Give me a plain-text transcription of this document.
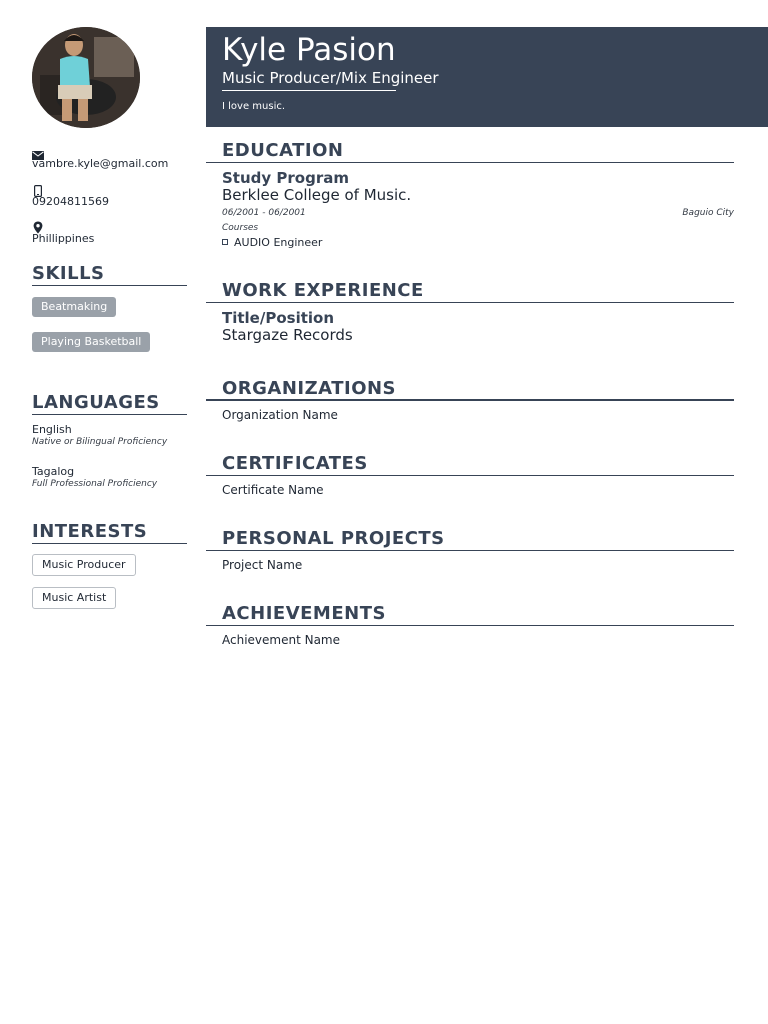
Kyle Pasion
Music Producer/Mix Engineer
I love music.
vambre.kyle@gmail.com
09204811569
Phillippines
SKILLS
Beatmaking
Playing Basketball
LANGUAGES
English
Native or Bilingual Proficiency
Tagalog
Full Professional Proficiency
INTERESTS
Music Producer
Music Artist
EDUCATION
Study Program
Berklee College of Music.
06/2001 - 06/2001	Baguio City
Courses
AUDIO Engineer
WORK EXPERIENCE
Title/Position
Stargaze Records
ORGANIZATIONS
Organization Name
CERTIFICATES
Certificate Name
PERSONAL PROJECTS
Project Name
ACHIEVEMENTS
Achievement Name
